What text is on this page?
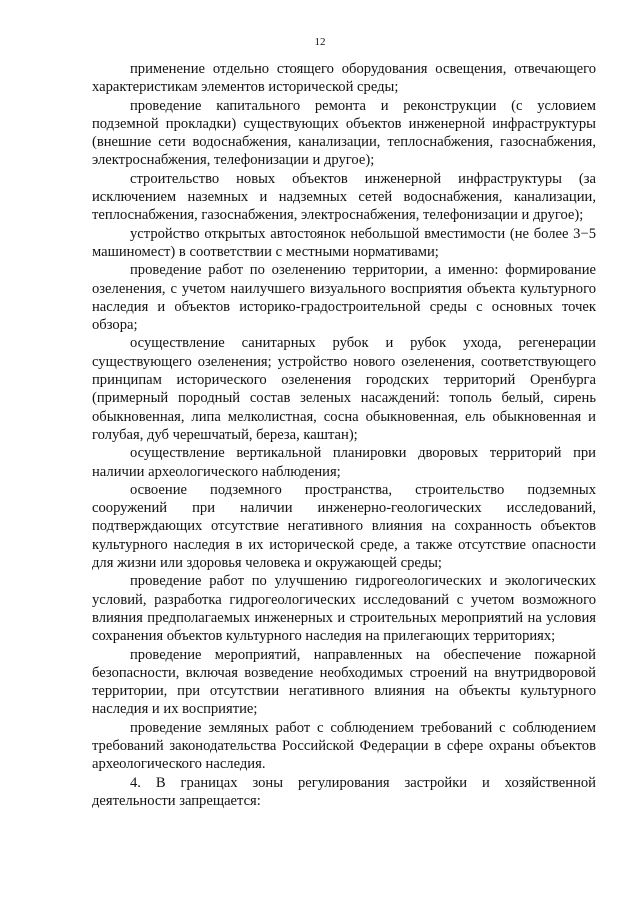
12

применение отдельно стоящего оборудования освещения, отвечающего характеристикам элементов исторической среды;

проведение капитального ремонта и реконструкции (с условием подземной прокладки) существующих объектов инженерной инфраструктуры (внешние сети водоснабжения, канализации, теплоснабжения, газоснабжения, электроснабжения, телефонизации и другое);

строительство новых объектов инженерной инфраструктуры (за исключением наземных и надземных сетей водоснабжения, канализации, теплоснабжения, газоснабжения, электроснабжения, телефонизации и другое);

устройство открытых автостоянок небольшой вместимости (не более 3−5 машиномест) в соответствии с местными нормативами;

проведение работ по озеленению территории, а именно: формирование озеленения, с учетом наилучшего визуального восприятия объекта культурного наследия и объектов историко-градостроительной среды с основных точек обзора;

осуществление санитарных рубок и рубок ухода, регенерации существующего озеленения; устройство нового озеленения, соответствующего принципам исторического озеленения городских территорий Оренбурга (примерный породный состав зеленых насаждений: тополь белый, сирень обыкновенная, липа мелколистная, сосна обыкновенная, ель обыкновенная и голубая, дуб черешчатый, береза, каштан);

осуществление вертикальной планировки дворовых территорий при наличии археологического наблюдения;

освоение подземного пространства, строительство подземных сооружений при наличии инженерно-геологических исследований, подтверждающих отсутствие негативного влияния на сохранность объектов культурного наследия в их исторической среде, а также отсутствие опасности для жизни или здоровья человека и окружающей среды;

проведение работ по улучшению гидрогеологических и экологических условий, разработка гидрогеологических исследований с учетом возможного влияния предполагаемых инженерных и строительных мероприятий на условия сохранения объектов культурного наследия на прилегающих территориях;

проведение мероприятий, направленных на обеспечение пожарной безопасности, включая возведение необходимых строений на внутридворовой территории, при отсутствии негативного влияния на объекты культурного наследия и их восприятие;

проведение земляных работ с соблюдением требований с соблюдением требований законодательства Российской Федерации в сфере охраны объектов археологического наследия.

4. В границах зоны регулирования застройки и хозяйственной деятельности запрещается:
